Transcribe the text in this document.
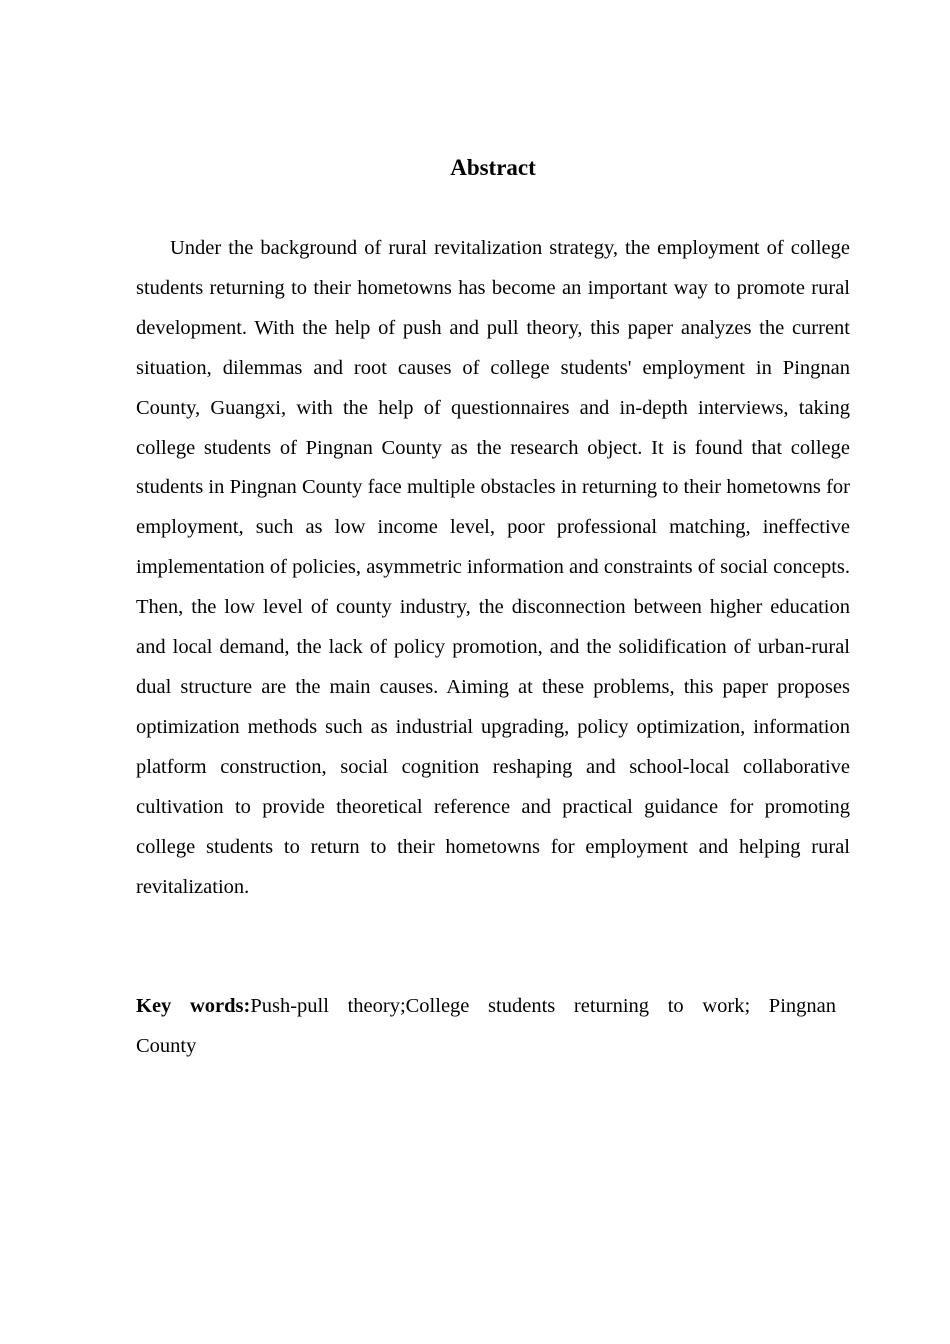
Abstract

Under the background of rural revitalization strategy, the employment of college students returning to their hometowns has become an important way to promote rural development. With the help of push and pull theory, this paper analyzes the current situation, dilemmas and root causes of college students' employment in Pingnan County, Guangxi, with the help of questionnaires and in-depth interviews, taking college students of Pingnan County as the research object. It is found that college students in Pingnan County face multiple obstacles in returning to their hometowns for employment, such as low income level, poor professional matching, ineffective implementation of policies, asymmetric information and constraints of social concepts. Then, the low level of county industry, the disconnection between higher education and local demand, the lack of policy promotion, and the solidification of urban-rural dual structure are the main causes. Aiming at these problems, this paper proposes optimization methods such as industrial upgrading, policy optimization, information platform construction, social cognition reshaping and school-local collaborative cultivation to provide theoretical reference and practical guidance for promoting college students to return to their hometowns for employment and helping rural revitalization.

Key words:Push-pull theory;College students returning to work; Pingnan County
